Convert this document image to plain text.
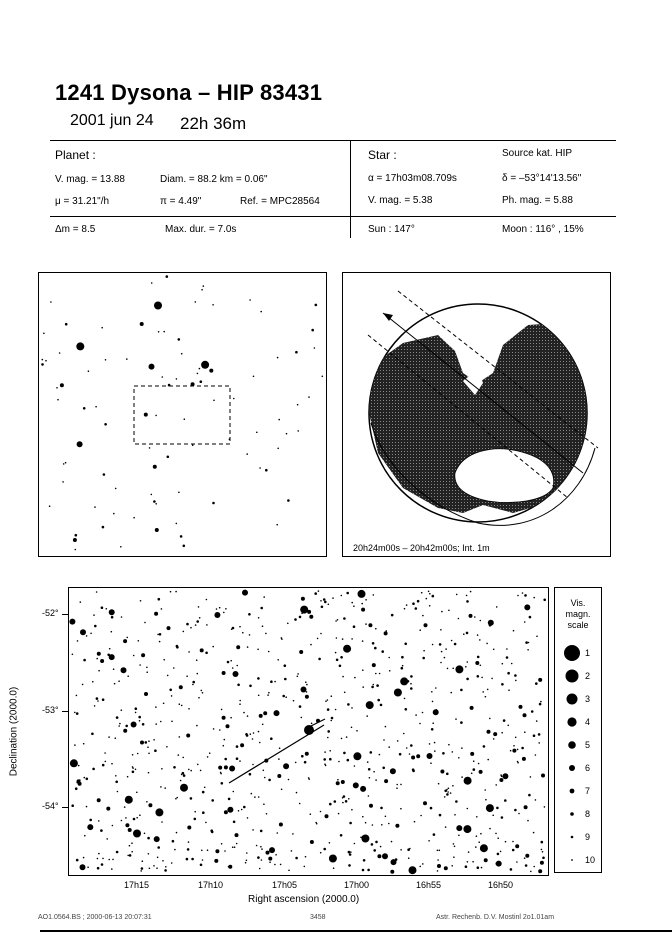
1241 Dysona – HIP 83431
2001 jun 24 22h 36m
Planet :
V. mag. = 13.88	Diam. = 88.2 km = 0.06"
μ = 31.21"/h	π = 4.49"	Ref. = MPC28564
Δm = 8.5	Max. dur. = 7.0s
Star :	Source kat. HIP
α = 17h03m08.709s	δ = –53°14'13.56"
V. mag. = 5.38	Ph. mag. = 5.88
Sun : 147°	Moon : 116° , 15%
20h24m00s – 20h42m00s; Int. 1m
Declination (2000.0)
-52°
-53°
-54°
17h15	17h10	17h05	17h00	16h55	16h50
Right ascension (2000.0)
Vis.
magn.
scale
1
2
3
4
5
6
7
8
9
10
AO1.0564.BS ; 2000-06-13 20:07:31	3458	Astr. Rechenb. D.V. Mostinl 2o1.01am
